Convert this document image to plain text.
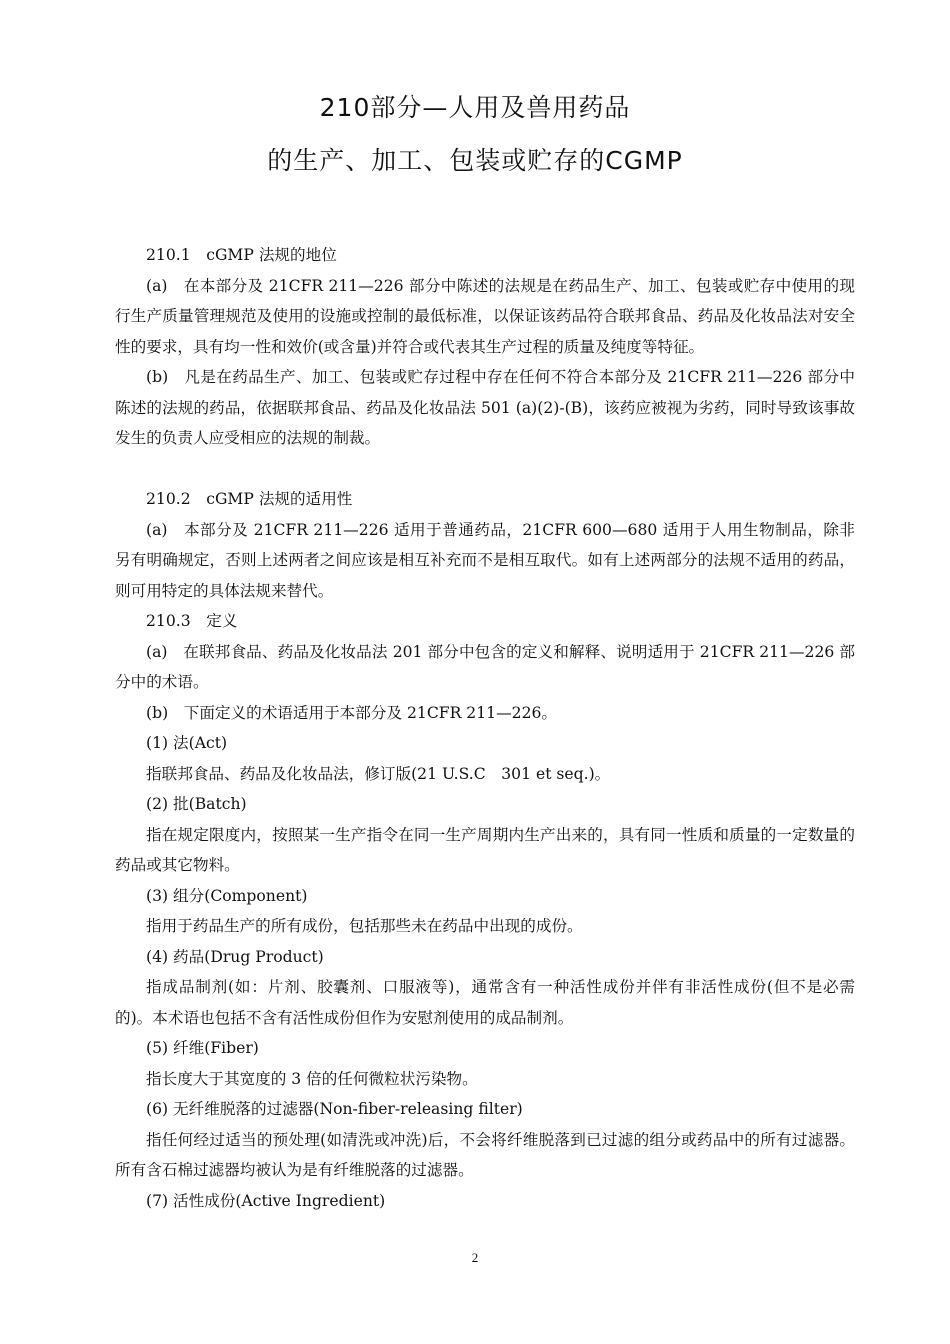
210部分—人用及兽用药品
的生产、加工、包装或贮存的CGMP

210.1　cGMP 法规的地位

(a)　在本部分及 21CFR 211—226 部分中陈述的法规是在药品生产、加工、包装或贮存中使用的现行生产质量管理规范及使用的设施或控制的最低标准，以保证该药品符合联邦食品、药品及化妆品法对安全性的要求，具有均一性和效价(或含量)并符合或代表其生产过程的质量及纯度等特征。

(b)　凡是在药品生产、加工、包装或贮存过程中存在任何不符合本部分及 21CFR 211—226 部分中陈述的法规的药品，依据联邦食品、药品及化妆品法 501 (a)(2)-(B)，该药应被视为劣药，同时导致该事故发生的负责人应受相应的法规的制裁。

210.2　cGMP 法规的适用性

(a)　本部分及 21CFR 211—226 适用于普通药品，21CFR 600—680 适用于人用生物制品，除非另有明确规定，否则上述两者之间应该是相互补充而不是相互取代。如有上述两部分的法规不适用的药品，则可用特定的具体法规来替代。

210.3　定义

(a)　在联邦食品、药品及化妆品法 201 部分中包含的定义和解释、说明适用于 21CFR 211—226 部分中的术语。

(b)　下面定义的术语适用于本部分及 21CFR 211—226。

(1) 法(Act)

指联邦食品、药品及化妆品法，修订版(21 U.S.C　301 et seq.)。

(2) 批(Batch)

指在规定限度内，按照某一生产指令在同一生产周期内生产出来的，具有同一性质和质量的一定数量的药品或其它物料。

(3) 组分(Component)

指用于药品生产的所有成份，包括那些未在药品中出现的成份。

(4) 药品(Drug Product)

指成品制剂(如：片剂、胶囊剂、口服液等)，通常含有一种活性成份并伴有非活性成份(但不是必需的)。本术语也包括不含有活性成份但作为安慰剂使用的成品制剂。

(5) 纤维(Fiber)

指长度大于其宽度的 3 倍的任何微粒状污染物。

(6) 无纤维脱落的过滤器(Non-fiber-releasing filter)

指任何经过适当的预处理(如清洗或冲洗)后，不会将纤维脱落到已过滤的组分或药品中的所有过滤器。所有含石棉过滤器均被认为是有纤维脱落的过滤器。

(7) 活性成份(Active Ingredient)

2
